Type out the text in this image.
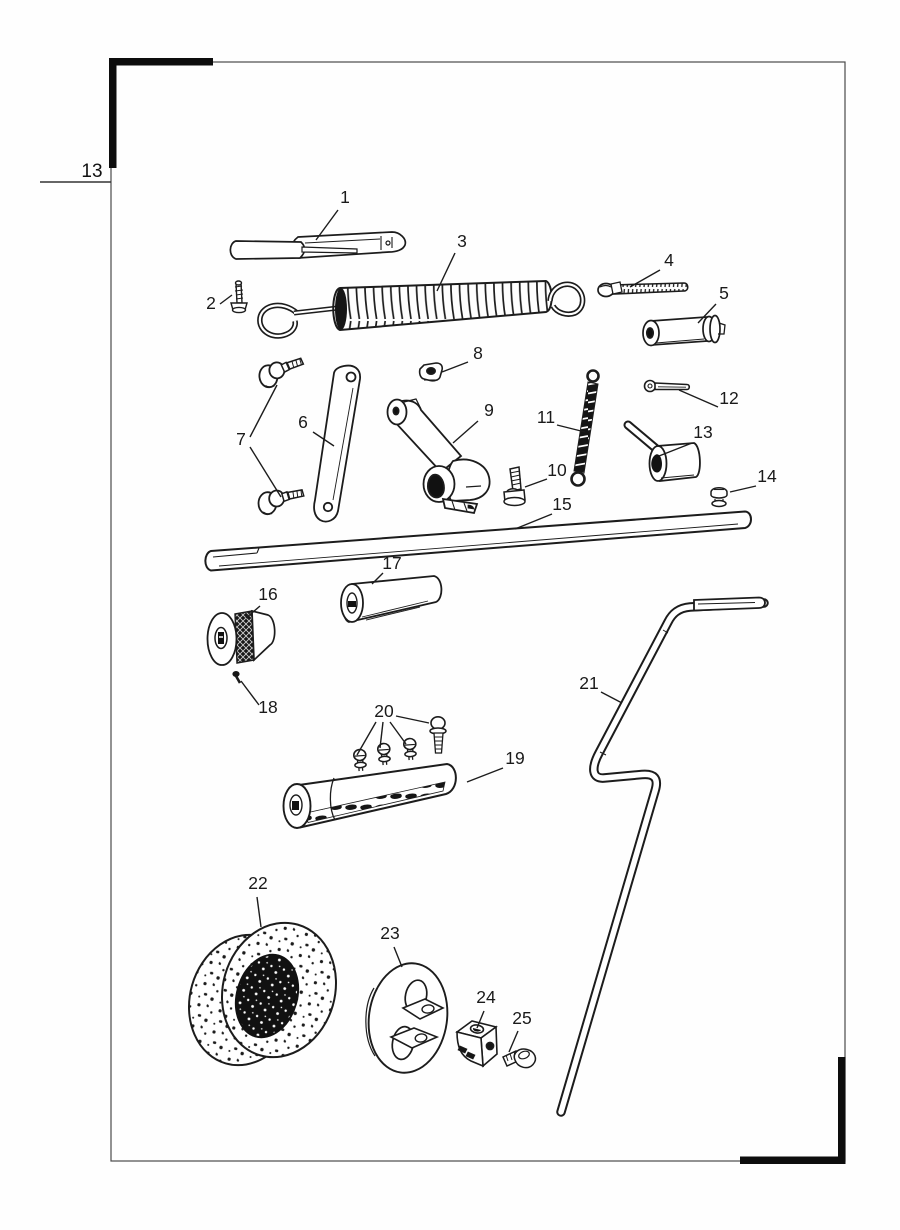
13
1
2
3
4
5
6
7
8
9
10
11
12
13
14
15
16
17
18
19
20
21
22
23
24
25
